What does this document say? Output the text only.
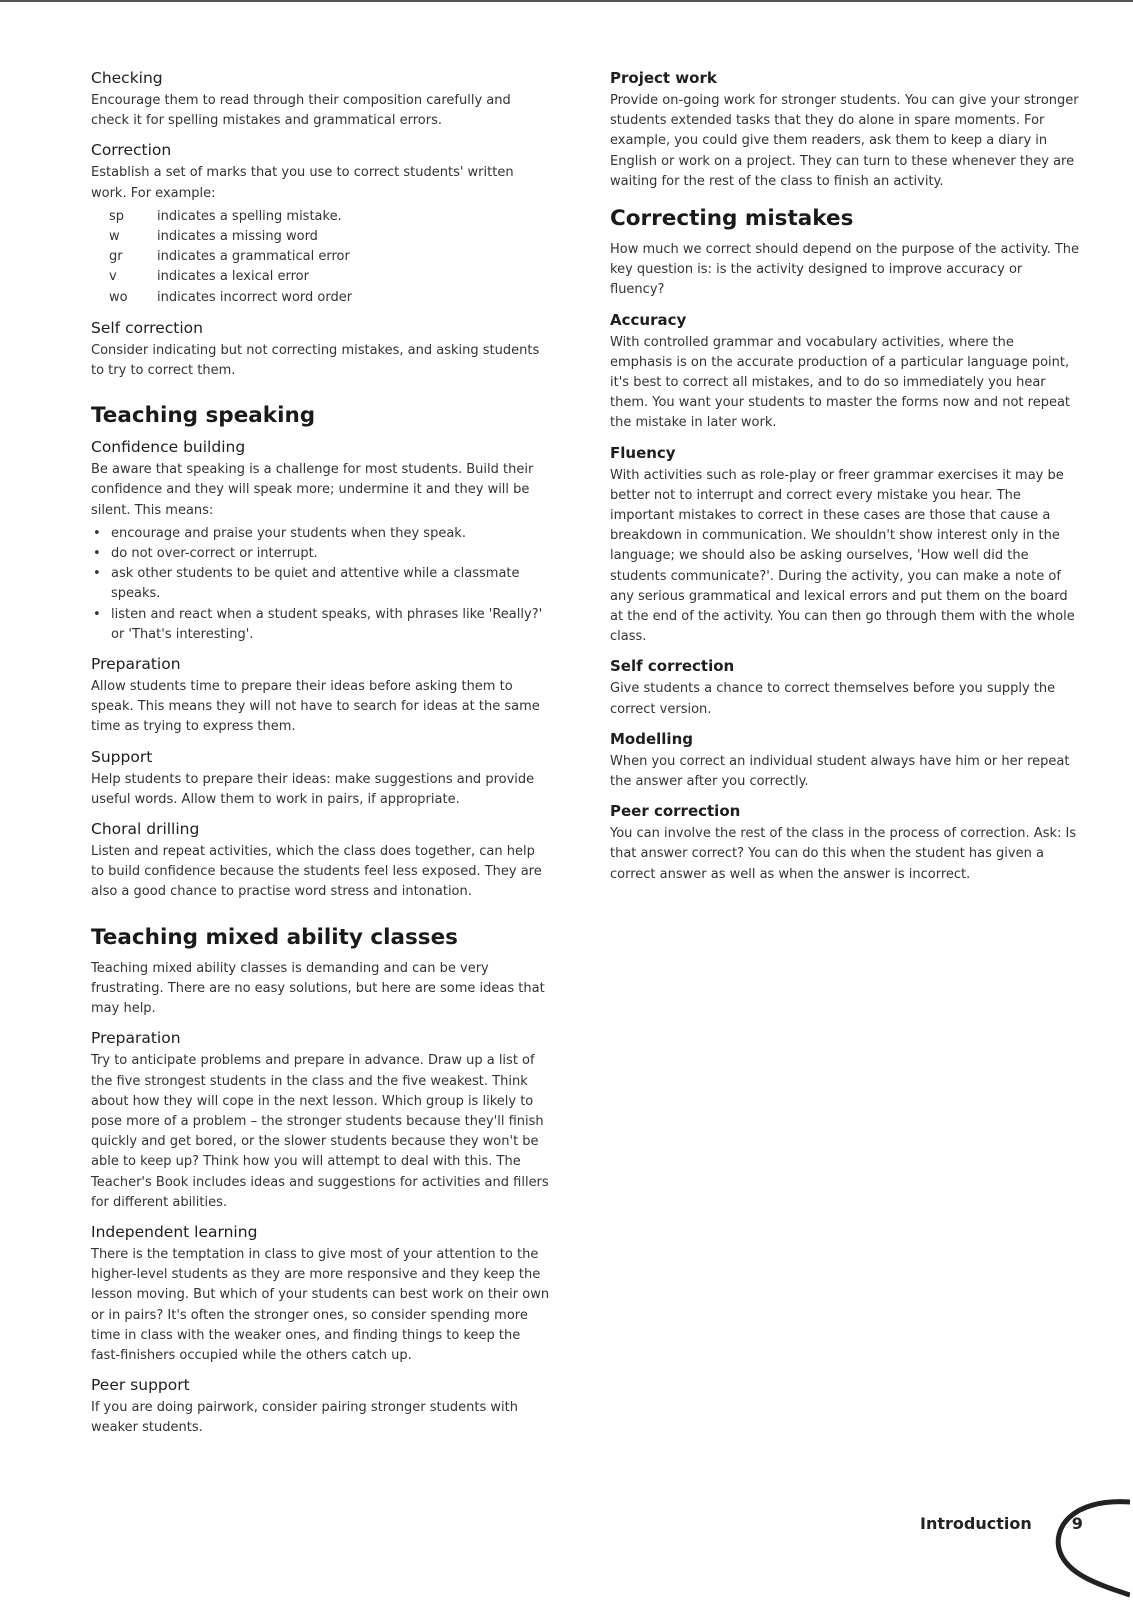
Checking

Encourage them to read through their composition carefully and check it for spelling mistakes and grammatical errors.

Correction

Establish a set of marks that you use to correct students' written work. For example:

sp	indicates a spelling mistake.
w	indicates a missing word
gr	indicates a grammatical error
v	indicates a lexical error
wo	indicates incorrect word order
Self correction

Consider indicating but not correcting mistakes, and asking students to try to correct them.

Teaching speaking
Confidence building

Be aware that speaking is a challenge for most students. Build their confidence and they will speak more; undermine it and they will be silent. This means:

• encourage and praise your students when they speak.
• do not over-correct or interrupt.
• ask other students to be quiet and attentive while a classmate speaks.
• listen and react when a student speaks, with phrases like 'Really?' or 'That's interesting'.
Preparation

Allow students time to prepare their ideas before asking them to speak. This means they will not have to search for ideas at the same time as trying to express them.

Support

Help students to prepare their ideas: make suggestions and provide useful words. Allow them to work in pairs, if appropriate.

Choral drilling

Listen and repeat activities, which the class does together, can help to build confidence because the students feel less exposed. They are also a good chance to practise word stress and intonation.

Teaching mixed ability classes

Teaching mixed ability classes is demanding and can be very frustrating. There are no easy solutions, but here are some ideas that may help.

Preparation

Try to anticipate problems and prepare in advance. Draw up a list of the five strongest students in the class and the five weakest. Think about how they will cope in the next lesson. Which group is likely to pose more of a problem – the stronger students because they'll finish quickly and get bored, or the slower students because they won't be able to keep up? Think how you will attempt to deal with this. The Teacher's Book includes ideas and suggestions for activities and fillers for different abilities.

Independent learning

There is the temptation in class to give most of your attention to the higher-level students as they are more responsive and they keep the lesson moving. But which of your students can best work on their own or in pairs? It's often the stronger ones, so consider spending more time in class with the weaker ones, and finding things to keep the fast-finishers occupied while the others catch up.

Peer support

If you are doing pairwork, consider pairing stronger students with weaker students.

Project work

Provide on-going work for stronger students. You can give your stronger students extended tasks that they do alone in spare moments. For example, you could give them readers, ask them to keep a diary in English or work on a project. They can turn to these whenever they are waiting for the rest of the class to finish an activity.

Correcting mistakes

How much we correct should depend on the purpose of the activity. The key question is: is the activity designed to improve accuracy or fluency?

Accuracy

With controlled grammar and vocabulary activities, where the emphasis is on the accurate production of a particular language point, it's best to correct all mistakes, and to do so immediately you hear them. You want your students to master the forms now and not repeat the mistake in later work.

Fluency

With activities such as role-play or freer grammar exercises it may be better not to interrupt and correct every mistake you hear. The important mistakes to correct in these cases are those that cause a breakdown in communication. We shouldn't show interest only in the language; we should also be asking ourselves, 'How well did the students communicate?'. During the activity, you can make a note of any serious grammatical and lexical errors and put them on the board at the end of the activity. You can then go through them with the whole class.

Self correction

Give students a chance to correct themselves before you supply the correct version.

Modelling

When you correct an individual student always have him or her repeat the answer after you correctly.

Peer correction

You can involve the rest of the class in the process of correction. Ask: Is that answer correct? You can do this when the student has given a correct answer as well as when the answer is incorrect.

Introduction	9
